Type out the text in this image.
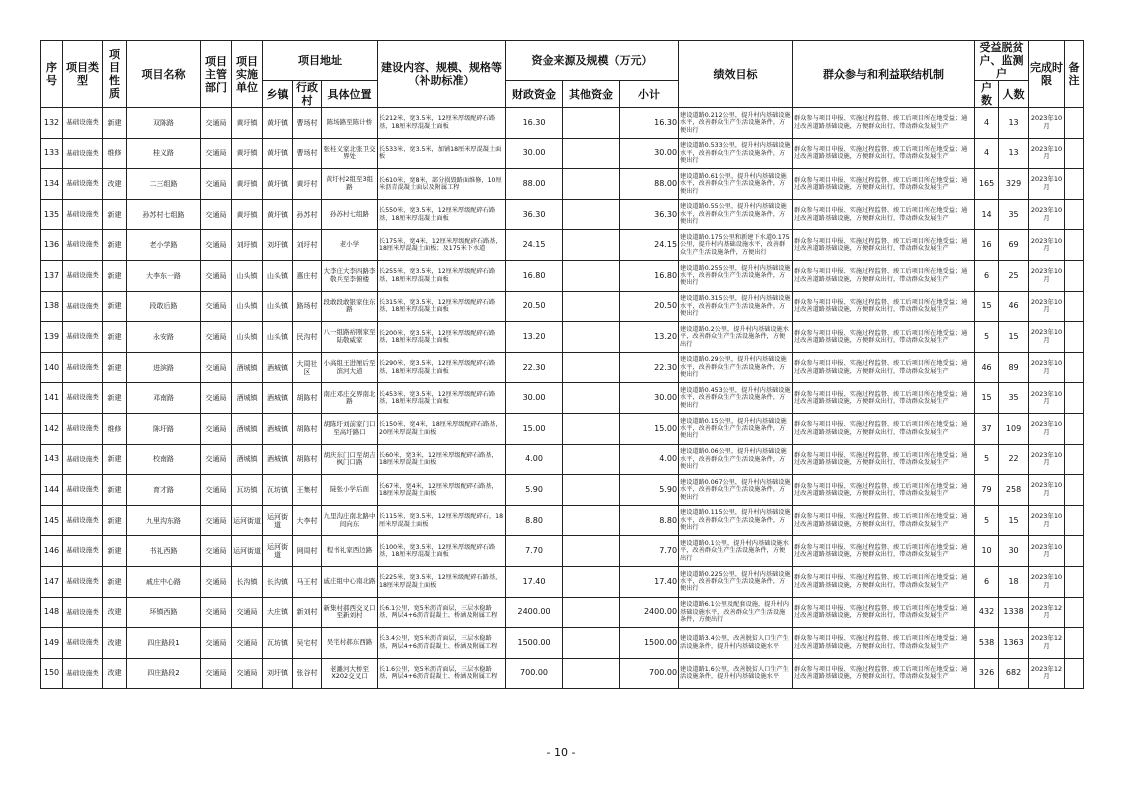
序号	项目类型	项目性质	项目名称	项目主管部门	项目实施单位	项目地址			建设内容、规模、规格等（补助标准）	资金来源及规模（万元）			绩效目标	群众参与和利益联结机制	受益脱贫户、监测户		完成时限	备注
						乡镇	行政村	具体位置		财政资金	其他资金	小计			户数	人数		
132	基础设施类	新建	双陈路	交通局	黄圩镇	黄圩镇	曹场村	陈场路至陈计桥	长212米，宽3.5米，12厘米厚级配碎石路基，18厘米厚混凝土面板	16.30		16.30	建设道路0.212公里，提升村内基础设施水平，改善群众生产生活设施条件，方便出行	群众参与项目申报、实施过程监督、竣工后项目所在地受益；通过改善道路基础设施，方便群众出行，带动群众发展生产	4	13	2023年10月	
133	基础设施类	维修	桂义路	交通局	黄圩镇	黄圩镇	曹场村	张桂义家北张卫交界处	长533米，宽3.5米，加铺18厘米厚混凝土面板	30.00		30.00	建设道路0.533公里，提升村内基础设施水平，改善群众生产生活设施条件，方便出行	群众参与项目申报、实施过程监督、竣工后项目所在地受益；通过改善道路基础设施，方便群众出行，带动群众发展生产	4	13	2023年10月	
134	基础设施类	改建	二三组路	交通局	黄圩镇	黄圩镇	黄圩村	黄圩村2组至3组路	长610米，宽8米，部分损毁路面维修，10厘米沥青混凝土面层及附属工程	88.00		88.00	建设道路0.61公里，提升村内基础设施水平，改善群众生产生活设施条件，方便出行	群众参与项目申报、实施过程监督、竣工后项目所在地受益；通过改善道路基础设施，方便群众出行，带动群众发展生产	165	329	2023年10月	
135	基础设施类	新建	孙苏村七组路	交通局	黄圩镇	黄圩镇	孙苏村	孙苏村七组路	长550米，宽3.5米，12厘米厚级配碎石路基，18厘米厚混凝土面板	36.30		36.30	建设道路0.55公里，提升村内基础设施水平，改善群众生产生活设施条件，方便出行	群众参与项目申报、实施过程监督、竣工后项目所在地受益；通过改善道路基础设施，方便群众出行，带动群众发展生产	14	35	2023年10月	
136	基础设施类	新建	老小学路	交通局	刘圩镇	刘圩镇	刘圩村	老小学	长175米，宽4米，12厘米厚级配碎石路基，18厘米厚混凝土面板；及175米下水道	24.15		24.15	建设道路0.175公里和新建下水道0.175公里，提升村内基础设施水平，改善群众生产生活设施条件，方便出行	群众参与项目申报、实施过程监督、竣工后项目所在地受益；通过改善道路基础设施，方便群众出行，带动群众发展生产	16	69	2023年10月	
137	基础设施类	新建	大李东一路	交通局	山头镇	山头镇	惠庄村	大李庄大李四路李敬兵至李俯楼	长255米，宽3.5米，12厘米厚级配碎石路基，18厘米厚混凝土面板	16.80		16.80	建设道路0.255公里，提升村内基础设施水平，改善群众生产生活设施条件，方便出行	群众参与项目申报、实施过程监督、竣工后项目所在地受益；通过改善道路基础设施，方便群众出行，带动群众发展生产	6	25	2023年10月	
138	基础设施类	新建	段敢后路	交通局	山头镇	山头镇	路场村	段敢段敢银家住东路	长315米，宽3.5米，12厘米厚级配碎石路基，18厘米厚混凝土面板	20.50		20.50	建设道路0.315公里，提升村内基础设施水平，改善群众生产生活设施条件，方便出行	群众参与项目申报、实施过程监督、竣工后项目所在地受益；通过改善道路基础设施，方便群众出行，带动群众发展生产	15	46	2023年10月	
139	基础设施类	新建	永安路	交通局	山头镇	山头镇	民沟村	八一组路裕刚家至陆敬威家	长200米，宽3.5米，12厘米厚级配碎石路基，18厘米厚混凝土面板	13.20		13.20	建设道路0.2公里，提升村内基础设施水平，改善群众生产生活设施条件，方便出行	群众参与项目申报、实施过程监督、竣工后项目所在地受益；通过改善道路基础设施，方便群众出行，带动群众发展生产	5	15	2023年10月	
140	基础设施类	新建	进滨路	交通局	酒城镇	酒城镇	大周社区	小高组王进厘后至滨河大道	长290米，宽3.5米，12厘米厚级配碎石路基，18厘米厚混凝土面板	22.30		22.30	建设道路0.29公里，提升村内基础设施水平，改善群众生产生活设施条件，方便出行	群众参与项目申报、实施过程监督、竣工后项目所在地受益；通过改善道路基础设施，方便群众出行，带动群众发展生产	46	89	2023年10月	
141	基础设施类	新建	邓南路	交通局	酒城镇	酒城镇	胡陈村	南庄邓庄交界南北路	长453米，宽3.5米，12厘米厚级配碎石路基，18厘米厚混凝土面板	30.00		30.00	建设道路0.453公里，提升村内基础设施水平，改善群众生产生活设施条件，方便出行	群众参与项目申报、实施过程监督、竣工后项目所在地受益；通过改善道路基础设施，方便群众出行，带动群众发展生产	15	35	2023年10月	
142	基础设施类	维修	陈圩路	交通局	酒城镇	酒城镇	胡陈村	胡陈圩刘前家门口至高圩路口	长150米，宽4米，18厘米厚级配碎石路基，20厘米厚混凝土面板	15.00		15.00	建设道路0.15公里，提升村内基础设施水平，改善群众生产生活设施条件，方便出行	群众参与项目申报、实施过程监督、竣工后项目所在地受益；通过改善道路基础设施，方便群众出行，带动群众发展生产	37	109	2023年10月	
143	基础设施类	新建	校南路	交通局	酒城镇	酒城镇	胡陈村	胡庆东门口至胡吉枫门口路	长60米，宽3米，12厘米厚级配碎石路基，18厘米厚混凝土面板	4.00		4.00	建设道路0.06公里，提升村内基础设施水平，改善群众生产生活设施条件，方便出行	群众参与项目申报、实施过程监督、竣工后项目所在地受益；通过改善道路基础设施，方便群众出行，带动群众发展生产	5	22	2023年10月	
144	基础设施类	新建	育才路	交通局	瓦坊镇	瓦坊镇	王集村	陡张小学后面	长67米，宽4米，12厘米厚级配碎石路基，18厘米厚混凝土面板	5.90		5.90	建设道路0.067公里，提升村内基础设施水平，改善群众生产生活设施条件，方便出行	群众参与项目申报、实施过程监督、竣工后项目所在地受益；通过改善道路基础设施，方便群众出行，带动群众发展生产	79	258	2023年10月	
145	基础设施类	新建	九里沟东路	交通局	运河街道	运河街道	大李村	九里沟庄南北路中间向东	长115米，宽3.5米，12厘米厚级配碎石，18厘米厚混凝土面板	8.80		8.80	建设道路0.115公里，提升村内基础设施水平，改善群众生产生活设施条件，方便出行	群众参与项目申报、实施过程监督、竣工后项目所在地受益；通过改善道路基础设施，方便群众出行，带动群众发展生产	5	15	2023年10月	
146	基础设施类	新建	书礼西路	交通局	运河街道	运河街道	网周村	程书礼家西边路	长100米，宽3.5米，12厘米厚级配碎石路基，18厘米厚混凝土面板	7.70		7.70	建设道路0.1公里，提升村内基础设施水平，改善群众生产生活设施条件，方便出行	群众参与项目申报、实施过程监督、竣工后项目所在地受益；通过改善道路基础设施，方便群众出行，带动群众发展生产	10	30	2023年10月	
147	基础设施类	新建	戚庄中心路	交通局	长沟镇	长沟镇	马王村	戚庄组中心南北路	长225米，宽3.5米，12厘米级配碎石路基，18厘米厚混凝土面板	17.40		17.40	建设道路0.225公里，提升村内基础设施水平，改善群众生产生活设施条件，方便出行	群众参与项目申报、实施过程监督、竣工后项目所在地受益；通过改善道路基础设施，方便群众出行，带动群众发展生产	6	18	2023年10月	
148	基础设施类	改建	环镇西路	交通局	交通局	大庄镇	新刘村	新集村郝西交叉口至新刘村	长6.1公里，宽5米沥青面层，三层水稳路基，两层4+6沥青混凝土、桥涵及附属工程	2400.00		2400.00	建设道路6.1公里及配套设施，提升村内基础设施水平，改善群众生产生活设施条件，方便出行	群众参与项目申报、实施过程监督、竣工后项目所在地受益；通过改善道路基础设施，方便群众出行，带动群众发展生产	432	1338	2023年12月	
149	基础设施类	改建	四庄路段1	交通局	交通局	瓦坊镇	吴宅村	吴宅村郝东西路	长3.4公里，宽5米沥青面层，三层水稳路基，两层4+6沥青混凝土、桥涵及附属工程	1500.00		1500.00	建设道路3.4公里，改善脱贫人口生产生活设施条件，提升村内基础设施水平	群众参与项目申报、实施过程监督、竣工后项目所在地受益；通过改善道路基础设施，方便群众出行，带动群众发展生产	538	1363	2023年12月	
150	基础设施类	改建	四庄路段2	交通局	交通局	刘圩镇	张谷村	老濉河大桥至X202交叉口	长1.6公里，宽5米沥青面层，三层水稳路基，两层4+6沥青混凝土、桥涵及附属工程	700.00		700.00	建设道路1.6公里，改善脱贫人口生产生活设施条件，提升村内基础设施水平	群众参与项目申报、实施过程监督、竣工后项目所在地受益；通过改善道路基础设施，方便群众出行，带动群众发展生产	326	682	2023年12月	
- 10 -
